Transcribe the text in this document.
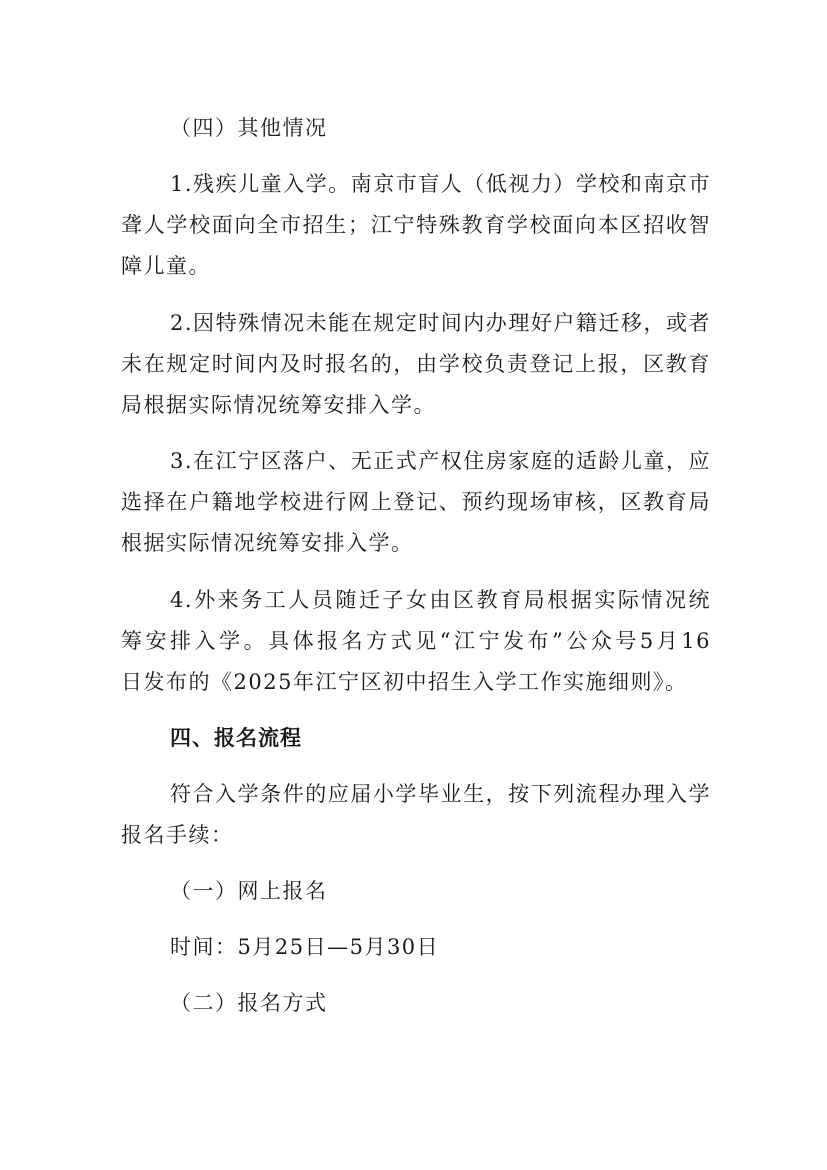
（四）其他情况
1.残疾儿童入学。南京市盲人（低视力）学校和南京市
聋人学校面向全市招生；江宁特殊教育学校面向本区招收智
障儿童。
2.因特殊情况未能在规定时间内办理好户籍迁移，或者
未在规定时间内及时报名的，由学校负责登记上报，区教育
局根据实际情况统筹安排入学。
3.在江宁区落户、无正式产权住房家庭的适龄儿童，应
选择在户籍地学校进行网上登记、预约现场审核，区教育局
根据实际情况统筹安排入学。
4.外来务工人员随迁子女由区教育局根据实际情况统
筹安排入学。具体报名方式见“江宁发布”公众号5月16
日发布的《2025年江宁区初中招生入学工作实施细则》。
四、报名流程
符合入学条件的应届小学毕业生，按下列流程办理入学
报名手续：
（一）网上报名
时间：5月25日—5月30日
（二）报名方式
